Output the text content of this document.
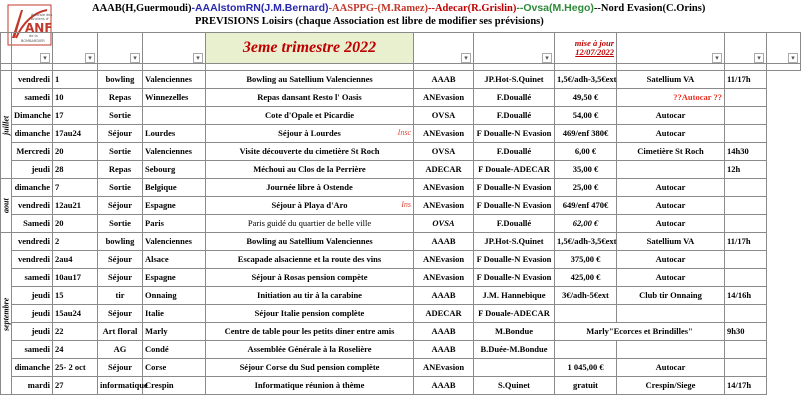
Amicale des
Anciens d'
ANF
de la
BOMBARDIER
AAAB(H,Guermoudi)-AAAlstomRN(J.M.Bernard)-AASPPG-(M.Ramez)--Adecar(R.Grislin)--Ovsa(M.Hego)--Nord Evasion(C.Orins)
PREVISIONS Loisirs (chaque Association est libre de modifier ses prévisions)

	▾	▾	▾	▾	3eme trimestre 2022	▾	▾	mise à jour
12/07/2022	▾	▾	▾

juillet	vendredi	1	bowling	Valenciennes	Bowling au Satellium Valenciennes	AAAB	JP.Hot-S.Quinet	1,5€/adh-3,5€ext	Satellium VA	11/17h	
	samedi	10	Repas	Winnezelles	Repas dansant Resto l' Oasis	ANEvasion	F.Douallé	49,50 €	??Autocar ??		
	Dimanche	17	Sortie		Cote d'Opale et Picardie	OVSA	F.Douallé	54,00 €	Autocar		
	dimanche	17au24	Séjour	Lourdes	Séjour à Lourdes Insc	ANEvasion	F Doualle-N Evasion	469/enf 380€	Autocar		
	Mercredi	20	Sortie	Valenciennes	Visite découverte du cimetière St Roch	OVSA	F.Douallé	6,00 €	Cimetière St Roch	14h30	
	jeudi	28	Repas	Sebourg	Méchoui au Clos de la Perrière	ADECAR	F Douale-ADECAR	35,00 €		12h	
aout	dimanche	7	Sortie	Belgique	Journée libre à Ostende	ANEvasion	F Doualle-N Evasion	25,00 €	Autocar		
	vendredi	12au21	Séjour	Espagne	Séjour à Playa d'Aro Ins	ANEvasion	F Doualle-N Evasion	649/enf 470€	Autocar		
	Samedi	20	Sortie	Paris	Paris guidé du quartier de belle ville	OVSA	F.Douallé	62,00 €	Autocar		
septembre	vendredi	2	bowling	Valenciennes	Bowling au Satellium Valenciennes	AAAB	JP.Hot-S.Quinet	1,5€/adh-3,5€ext	Satellium VA	11/17h	
	vendredi	2au4	Séjour	Alsace	Escapade alsacienne et la route des vins	ANEvasion	F Doualle-N Evasion	375,00 €	Autocar		
	samedi	10au17	Séjour	Espagne	Séjour à Rosas pension compète	ANEvasion	F Doualle-N Evasion	425,00 €	Autocar		
	jeudi	15	tir	Onnaing	Initiation au tir à la carabine	AAAB	J.M. Hannebique	3€/adh-5€ext	Club tir Onnaing	14/16h	
	jeudi	15au24	Séjour	Italie	Séjour Italie pension complète	ADECAR	F Douale-ADECAR				
	jeudi	22	Art floral	Marly	Centre de table pour les petits diner entre amis	AAAB	M.Bondue	Marly"Ecorces et Brindilles"		9h30	
	samedi	24	AG	Condé	Assemblée Générale à la Roselière	AAAB	B.Duée-M.Bondue				
	dimanche	25- 2 oct	Séjour	Corse	Séjour Corse du Sud pension complète	ANEvasion		1 045,00 €	Autocar		
	mardi	27	informatique	Crespin	Informatique réunion à thème	AAAB	S.Quinet	gratuit	Crespin/Siege	14/17h	
